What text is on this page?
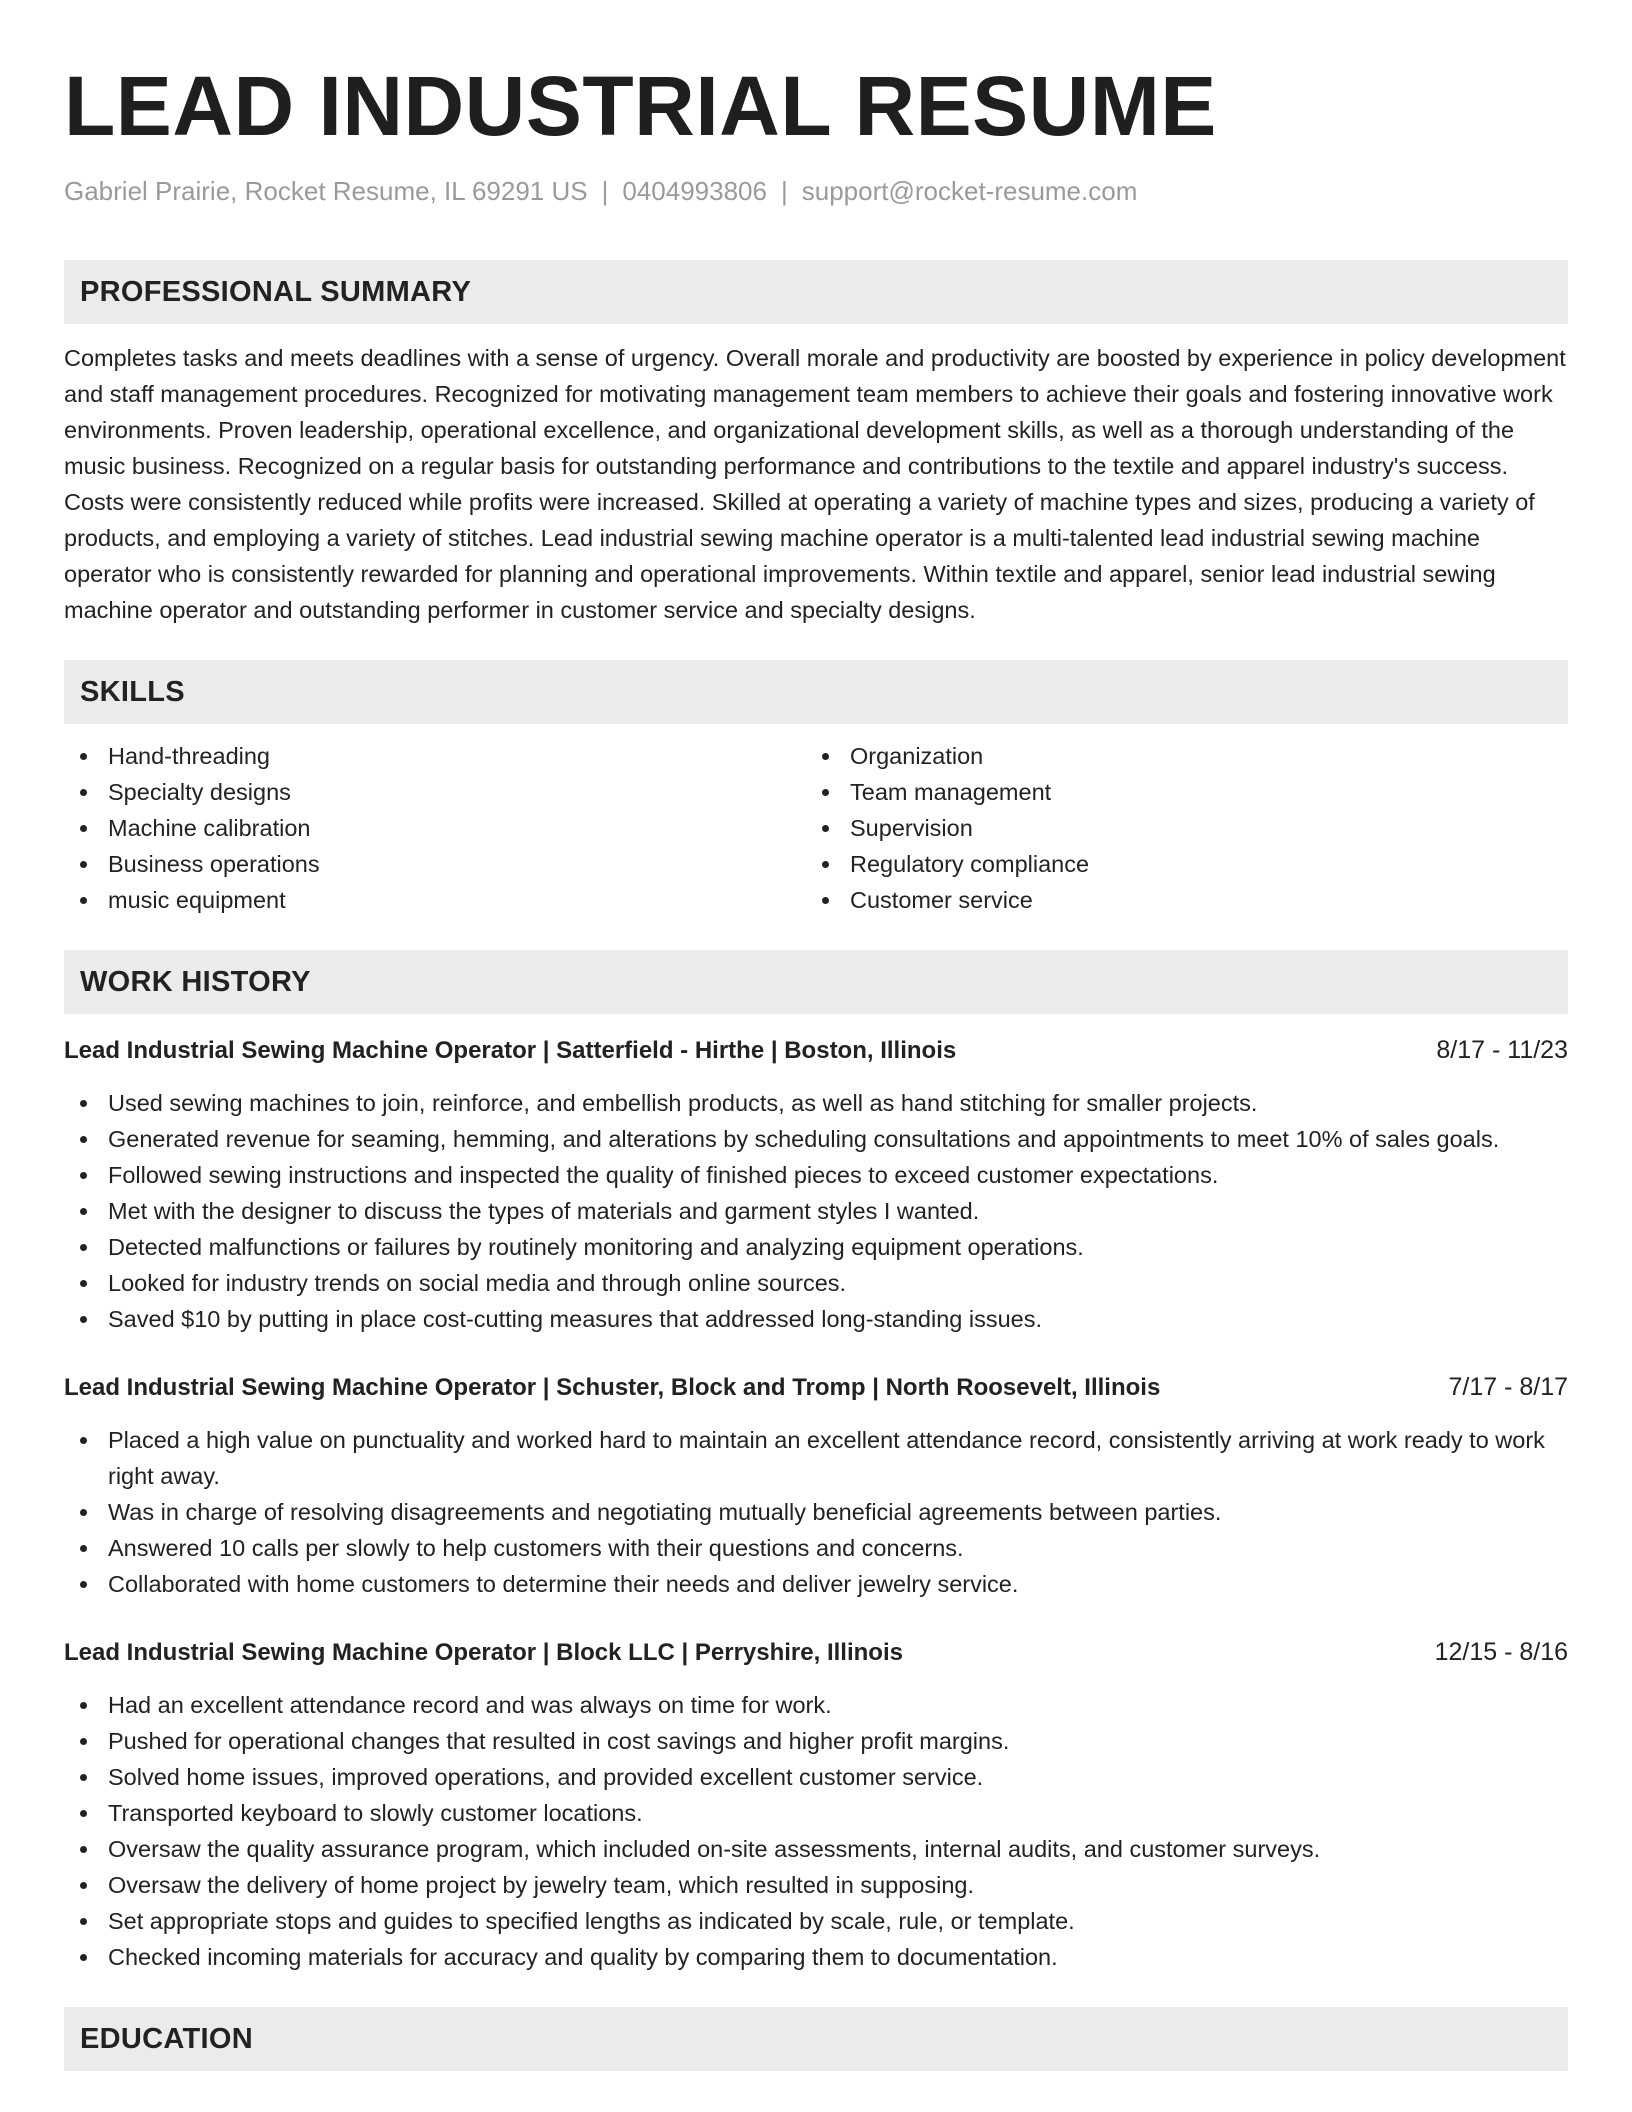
LEAD INDUSTRIAL RESUME
Gabriel Prairie, Rocket Resume, IL 69291 US | 0404993806 | support@rocket-resume.com
PROFESSIONAL SUMMARY

Completes tasks and meets deadlines with a sense of urgency. Overall morale and productivity are boosted by experience in policy development and staff management procedures. Recognized for motivating management team members to achieve their goals and fostering innovative work environments. Proven leadership, operational excellence, and organizational development skills, as well as a thorough understanding of the music business. Recognized on a regular basis for outstanding performance and contributions to the textile and apparel industry's success. Costs were consistently reduced while profits were increased. Skilled at operating a variety of machine types and sizes, producing a variety of products, and employing a variety of stitches. Lead industrial sewing machine operator is a multi-talented lead industrial sewing machine operator who is consistently rewarded for planning and operational improvements. Within textile and apparel, senior lead industrial sewing machine operator and outstanding performer in customer service and specialty designs.

SKILLS
Hand-threading
Specialty designs
Machine calibration
Business operations
music equipment
Organization
Team management
Supervision
Regulatory compliance
Customer service
WORK HISTORY
Lead Industrial Sewing Machine Operator | Satterfield - Hirthe | Boston, Illinois	8/17 - 11/23
Used sewing machines to join, reinforce, and embellish products, as well as hand stitching for smaller projects.
Generated revenue for seaming, hemming, and alterations by scheduling consultations and appointments to meet 10% of sales goals.
Followed sewing instructions and inspected the quality of finished pieces to exceed customer expectations.
Met with the designer to discuss the types of materials and garment styles I wanted.
Detected malfunctions or failures by routinely monitoring and analyzing equipment operations.
Looked for industry trends on social media and through online sources.
Saved $10 by putting in place cost-cutting measures that addressed long-standing issues.
Lead Industrial Sewing Machine Operator | Schuster, Block and Tromp | North Roosevelt, Illinois	7/17 - 8/17
Placed a high value on punctuality and worked hard to maintain an excellent attendance record, consistently arriving at work ready to work right away.
Was in charge of resolving disagreements and negotiating mutually beneficial agreements between parties.
Answered 10 calls per slowly to help customers with their questions and concerns.
Collaborated with home customers to determine their needs and deliver jewelry service.
Lead Industrial Sewing Machine Operator | Block LLC | Perryshire, Illinois	12/15 - 8/16
Had an excellent attendance record and was always on time for work.
Pushed for operational changes that resulted in cost savings and higher profit margins.
Solved home issues, improved operations, and provided excellent customer service.
Transported keyboard to slowly customer locations.
Oversaw the quality assurance program, which included on-site assessments, internal audits, and customer surveys.
Oversaw the delivery of home project by jewelry team, which resulted in supposing.
Set appropriate stops and guides to specified lengths as indicated by scale, rule, or template.
Checked incoming materials for accuracy and quality by comparing them to documentation.
EDUCATION
